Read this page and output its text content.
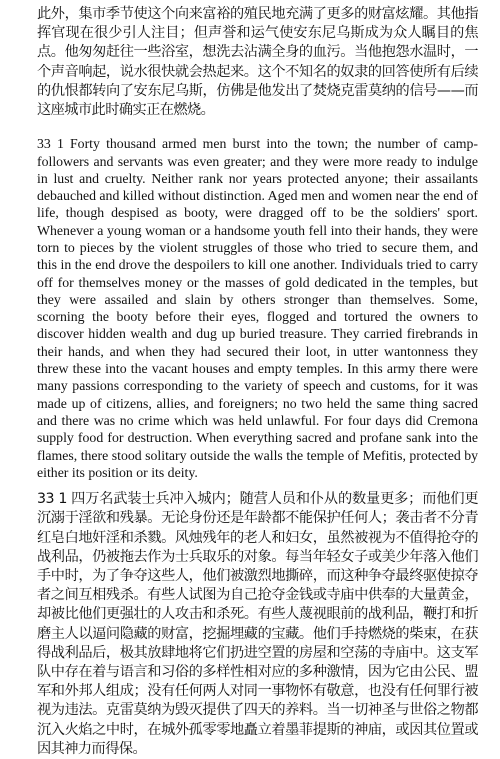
此外，集市季节使这个向来富裕的殖民地充满了更多的财富炫耀。其他指挥官现在很少引人注目；但声誉和运气使安东尼乌斯成为众人瞩目的焦点。他匆匆赶往一些浴室，想洗去沾满全身的血污。当他抱怨水温时，一个声音响起，说水很快就会热起来。这个不知名的奴隶的回答使所有后续的仇恨都转向了安东尼乌斯，仿佛是他发出了焚烧克雷莫纳的信号——而这座城市此时确实正在燃烧。

33 1 Forty thousand armed men burst into the town; the number of camp-followers and servants was even greater; and they were more ready to indulge in lust and cruelty. Neither rank nor years protected anyone; their assailants debauched and killed without distinction. Aged men and women near the end of life, though despised as booty, were dragged off to be the soldiers' sport. Whenever a young woman or a handsome youth fell into their hands, they were torn to pieces by the violent struggles of those who tried to secure them, and this in the end drove the despoilers to kill one another. Individuals tried to carry off for themselves money or the masses of gold dedicated in the temples, but they were assailed and slain by others stronger than themselves. Some, scorning the booty before their eyes, flogged and tortured the owners to discover hidden wealth and dug up buried treasure. They carried firebrands in their hands, and when they had secured their loot, in utter wantonness they threw these into the vacant houses and empty temples. In this army there were many passions corresponding to the variety of speech and customs, for it was made up of citizens, allies, and foreigners; no two held the same thing sacred and there was no crime which was held unlawful. For four days did Cremona supply food for destruction. When everything sacred and profane sank into the flames, there stood solitary outside the walls the temple of Mefitis, protected by either its position or its deity.

33 1 四万名武装士兵冲入城内；随营人员和仆从的数量更多；而他们更沉溺于淫欲和残暴。无论身份还是年龄都不能保护任何人；袭击者不分青红皂白地奸淫和杀戮。风烛残年的老人和妇女，虽然被视为不值得抢夺的战利品，仍被拖去作为士兵取乐的对象。每当年轻女子或美少年落入他们手中时，为了争夺这些人，他们被激烈地撕碎，而这种争夺最终驱使掠夺者之间互相残杀。有些人试图为自己抢夺金钱或寺庙中供奉的大量黄金，却被比他们更强壮的人攻击和杀死。有些人蔑视眼前的战利品，鞭打和折磨主人以逼问隐藏的财富，挖掘埋藏的宝藏。他们手持燃烧的柴束，在获得战利品后，极其放肆地将它们扔进空置的房屋和空荡的寺庙中。这支军队中存在着与语言和习俗的多样性相对应的多种激情，因为它由公民、盟军和外邦人组成；没有任何两人对同一事物怀有敬意，也没有任何罪行被视为违法。克雷莫纳为毁灭提供了四天的养料。当一切神圣与世俗之物都沉入火焰之中时，在城外孤零零地矗立着墨菲提斯的神庙，或因其位置或因其神力而得保。
